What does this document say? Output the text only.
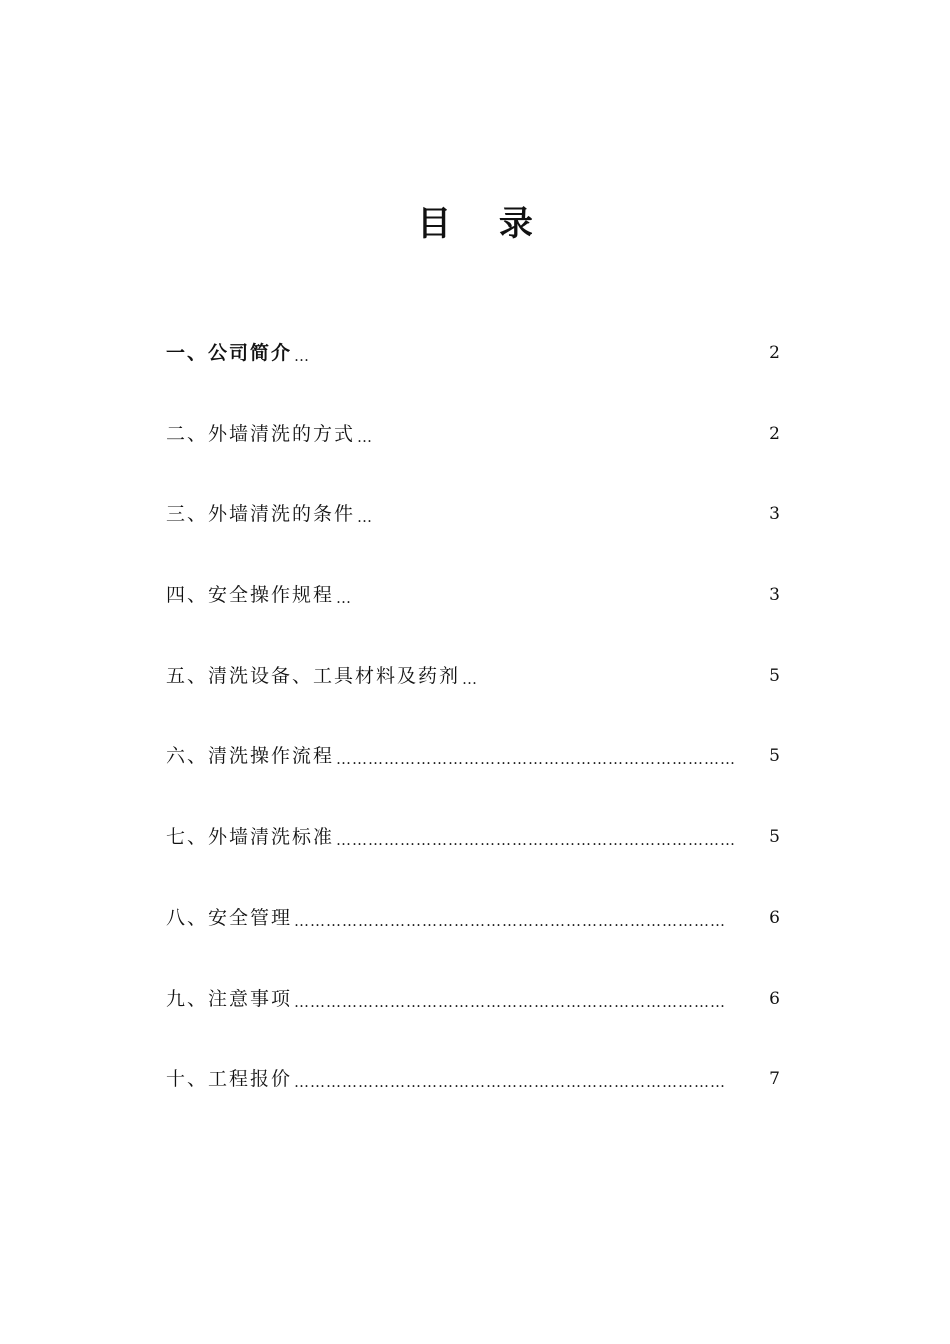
目 录
一、公司简介 …	2
二、外墙清洗的方式 …	2
三、外墙清洗的条件 …	3
四、安全操作规程 …	3
五、清洗设备、工具材料及药剂 …	5
六、清洗操作流程 ………………………………………………………………… 5
七、外墙清洗标准 ………………………………………………………………… 5
八、安全管理 ………………………………………………………………………	6
九、注意事项 ………………………………………………………………………	6
十、工程报价 ………………………………………………………………………	7
